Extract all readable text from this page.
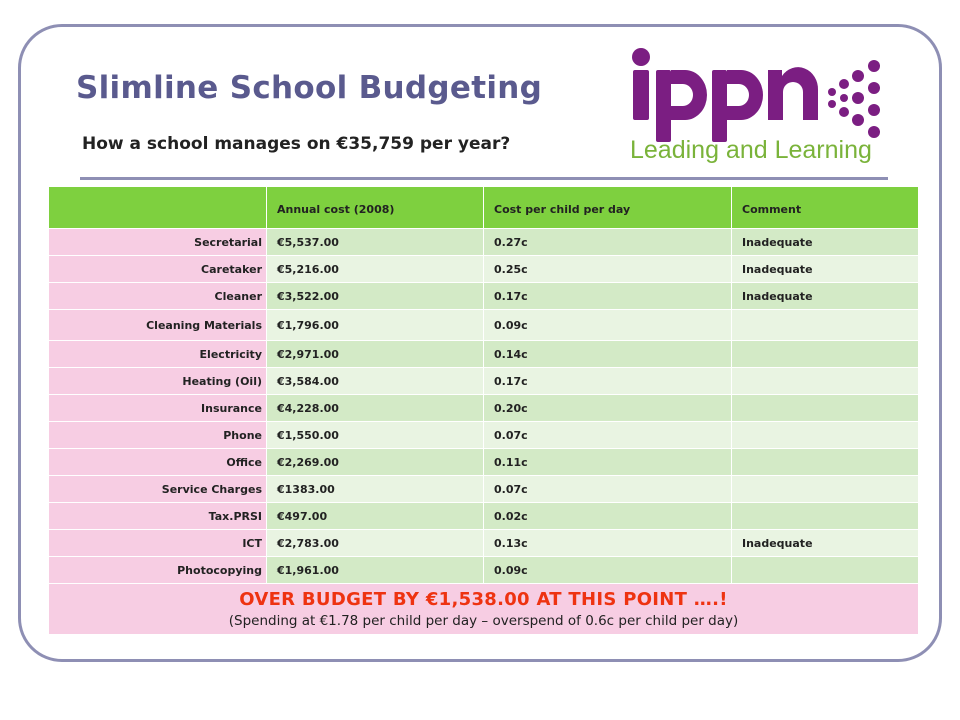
Slimline School Budgeting
How a school manages on €35,759 per year?	Leading and Learning
	Annual cost (2008)	Cost per child per day	Comment
Secretarial	€5,537.00	0.27c	Inadequate
Caretaker	€5,216.00	0.25c	Inadequate
Cleaner	€3,522.00	0.17c	Inadequate
Cleaning Materials	€1,796.00	0.09c	
Electricity	€2,971.00	0.14c	
Heating (Oil)	€3,584.00	0.17c	
Insurance	€4,228.00	0.20c	
Phone	€1,550.00	0.07c	
Office	€2,269.00	0.11c	
Service Charges	€1383.00	0.07c	
Tax.PRSI	€497.00	0.02c	
ICT	€2,783.00	0.13c	Inadequate
Photocopying	€1,961.00	0.09c	

OVER BUDGET BY €1,538.00 AT THIS POINT ….!
(Spending at €1.78 per child per day – overspend of 0.6c per child per day)			
